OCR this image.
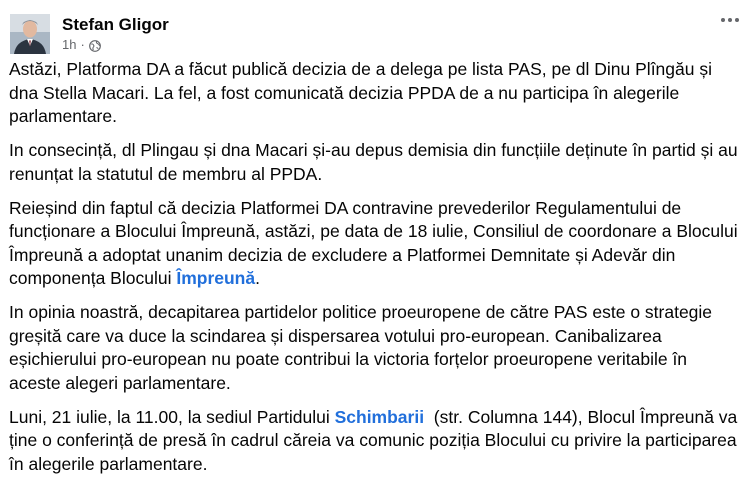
Stefan Gligor
1h ·

Astăzi, Platforma DA a făcut publică decizia de a delega pe lista PAS, pe dl Dinu Plîngău și dna Stella Macari. La fel, a fost comunicată decizia PPDA de a nu participa în alegerile parlamentare.

In consecință, dl Plingau și dna Macari și-au depus demisia din funcțiile deținute în partid și au renunțat la statutul de membru al PPDA.

Reieșind din faptul că decizia Platformei DA contravine prevederilor Regulamentului de funcționare a Blocului Împreună, astăzi, pe data de 18 iulie, Consiliul de coordonare a Blocului Împreună a adoptat unanim decizia de excludere a Platformei Demnitate și Adevăr din componența Blocului Împreună.

In opinia noastră, decapitarea partidelor politice proeuropene de către PAS este o strategie greșită care va duce la scindarea și dispersarea votului pro-european. Canibalizarea eșichierului pro-european nu poate contribui la victoria forțelor proeuropene veritabile în aceste alegeri parlamentare.

Luni, 21 iulie, la 11.00, la sediul Partidului Schimbarii  (str. Columna 144), Blocul Împreună va ține o conferință de presă în cadrul căreia va comunic poziția Blocului cu privire la participarea în alegerile parlamentare.
